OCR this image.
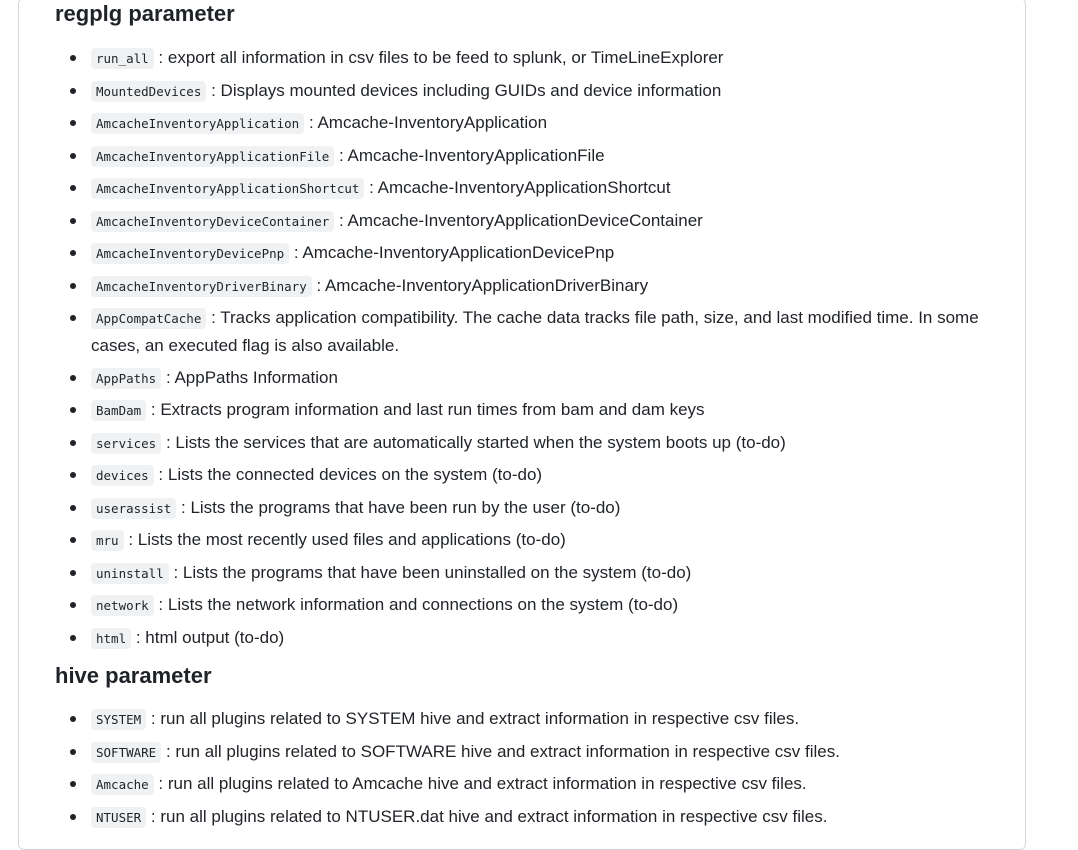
regplg parameter
run_all : export all information in csv files to be feed to splunk, or TimeLineExplorer
MountedDevices : Displays mounted devices including GUIDs and device information
AmcacheInventoryApplication : Amcache-InventoryApplication
AmcacheInventoryApplicationFile : Amcache-InventoryApplicationFile
AmcacheInventoryApplicationShortcut : Amcache-InventoryApplicationShortcut
AmcacheInventoryDeviceContainer : Amcache-InventoryApplicationDeviceContainer
AmcacheInventoryDevicePnp : Amcache-InventoryApplicationDevicePnp
AmcacheInventoryDriverBinary : Amcache-InventoryApplicationDriverBinary
AppCompatCache : Tracks application compatibility. The cache data tracks file path, size, and last modified time. In some cases, an executed flag is also available.
AppPaths : AppPaths Information
BamDam : Extracts program information and last run times from bam and dam keys
services : Lists the services that are automatically started when the system boots up (to-do)
devices : Lists the connected devices on the system (to-do)
userassist : Lists the programs that have been run by the user (to-do)
mru : Lists the most recently used files and applications (to-do)
uninstall : Lists the programs that have been uninstalled on the system (to-do)
network : Lists the network information and connections on the system (to-do)
html : html output (to-do)
hive parameter
SYSTEM : run all plugins related to SYSTEM hive and extract information in respective csv files.
SOFTWARE : run all plugins related to SOFTWARE hive and extract information in respective csv files.
Amcache : run all plugins related to Amcache hive and extract information in respective csv files.
NTUSER : run all plugins related to NTUSER.dat hive and extract information in respective csv files.
